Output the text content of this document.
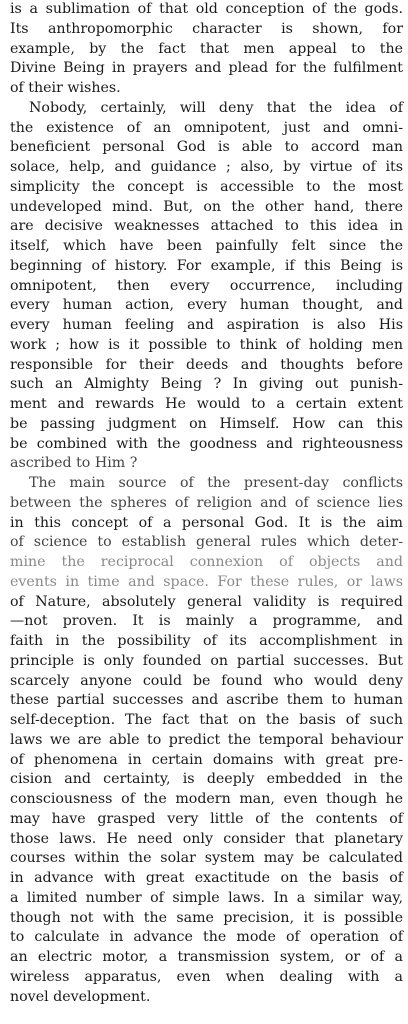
is a sublimation of that old conception of the gods.
Its anthropomorphic character is shown, for
example, by the fact that men appeal to the
Divine Being in prayers and plead for the fulfilment
of their wishes.

Nobody, certainly, will deny that the idea of
the existence of an omnipotent, just and omni-
beneficient personal God is able to accord man
solace, help, and guidance ; also, by virtue of its
simplicity the concept is accessible to the most
undeveloped mind. But, on the other hand, there
are decisive weaknesses attached to this idea in
itself, which have been painfully felt since the
beginning of history. For example, if this Being is
omnipotent, then every occurrence, including
every human action, every human thought, and
every human feeling and aspiration is also His
work ; how is it possible to think of holding men
responsible for their deeds and thoughts before
such an Almighty Being ? In giving out punish-
ment and rewards He would to a certain extent
be passing judgment on Himself. How can this
be combined with the goodness and righteousness
ascribed to Him ?

The main source of the present-day conflicts
between the spheres of religion and of science lies
in this concept of a personal God. It is the aim
of science to establish general rules which deter-
mine the reciprocal connexion of objects and
events in time and space. For these rules, or laws
of Nature, absolutely general validity is required
—not proven. It is mainly a programme, and
faith in the possibility of its accomplishment in
principle is only founded on partial successes. But
scarcely anyone could be found who would deny
these partial successes and ascribe them to human
self-deception. The fact that on the basis of such
laws we are able to predict the temporal behaviour
of phenomena in certain domains with great pre-
cision and certainty, is deeply embedded in the
consciousness of the modern man, even though he
may have grasped very little of the contents of
those laws. He need only consider that planetary
courses within the solar system may be calculated
in advance with great exactitude on the basis of
a limited number of simple laws. In a similar way,
though not with the same precision, it is possible
to calculate in advance the mode of operation of
an electric motor, a transmission system, or of a
wireless apparatus, even when dealing with a
novel development.
